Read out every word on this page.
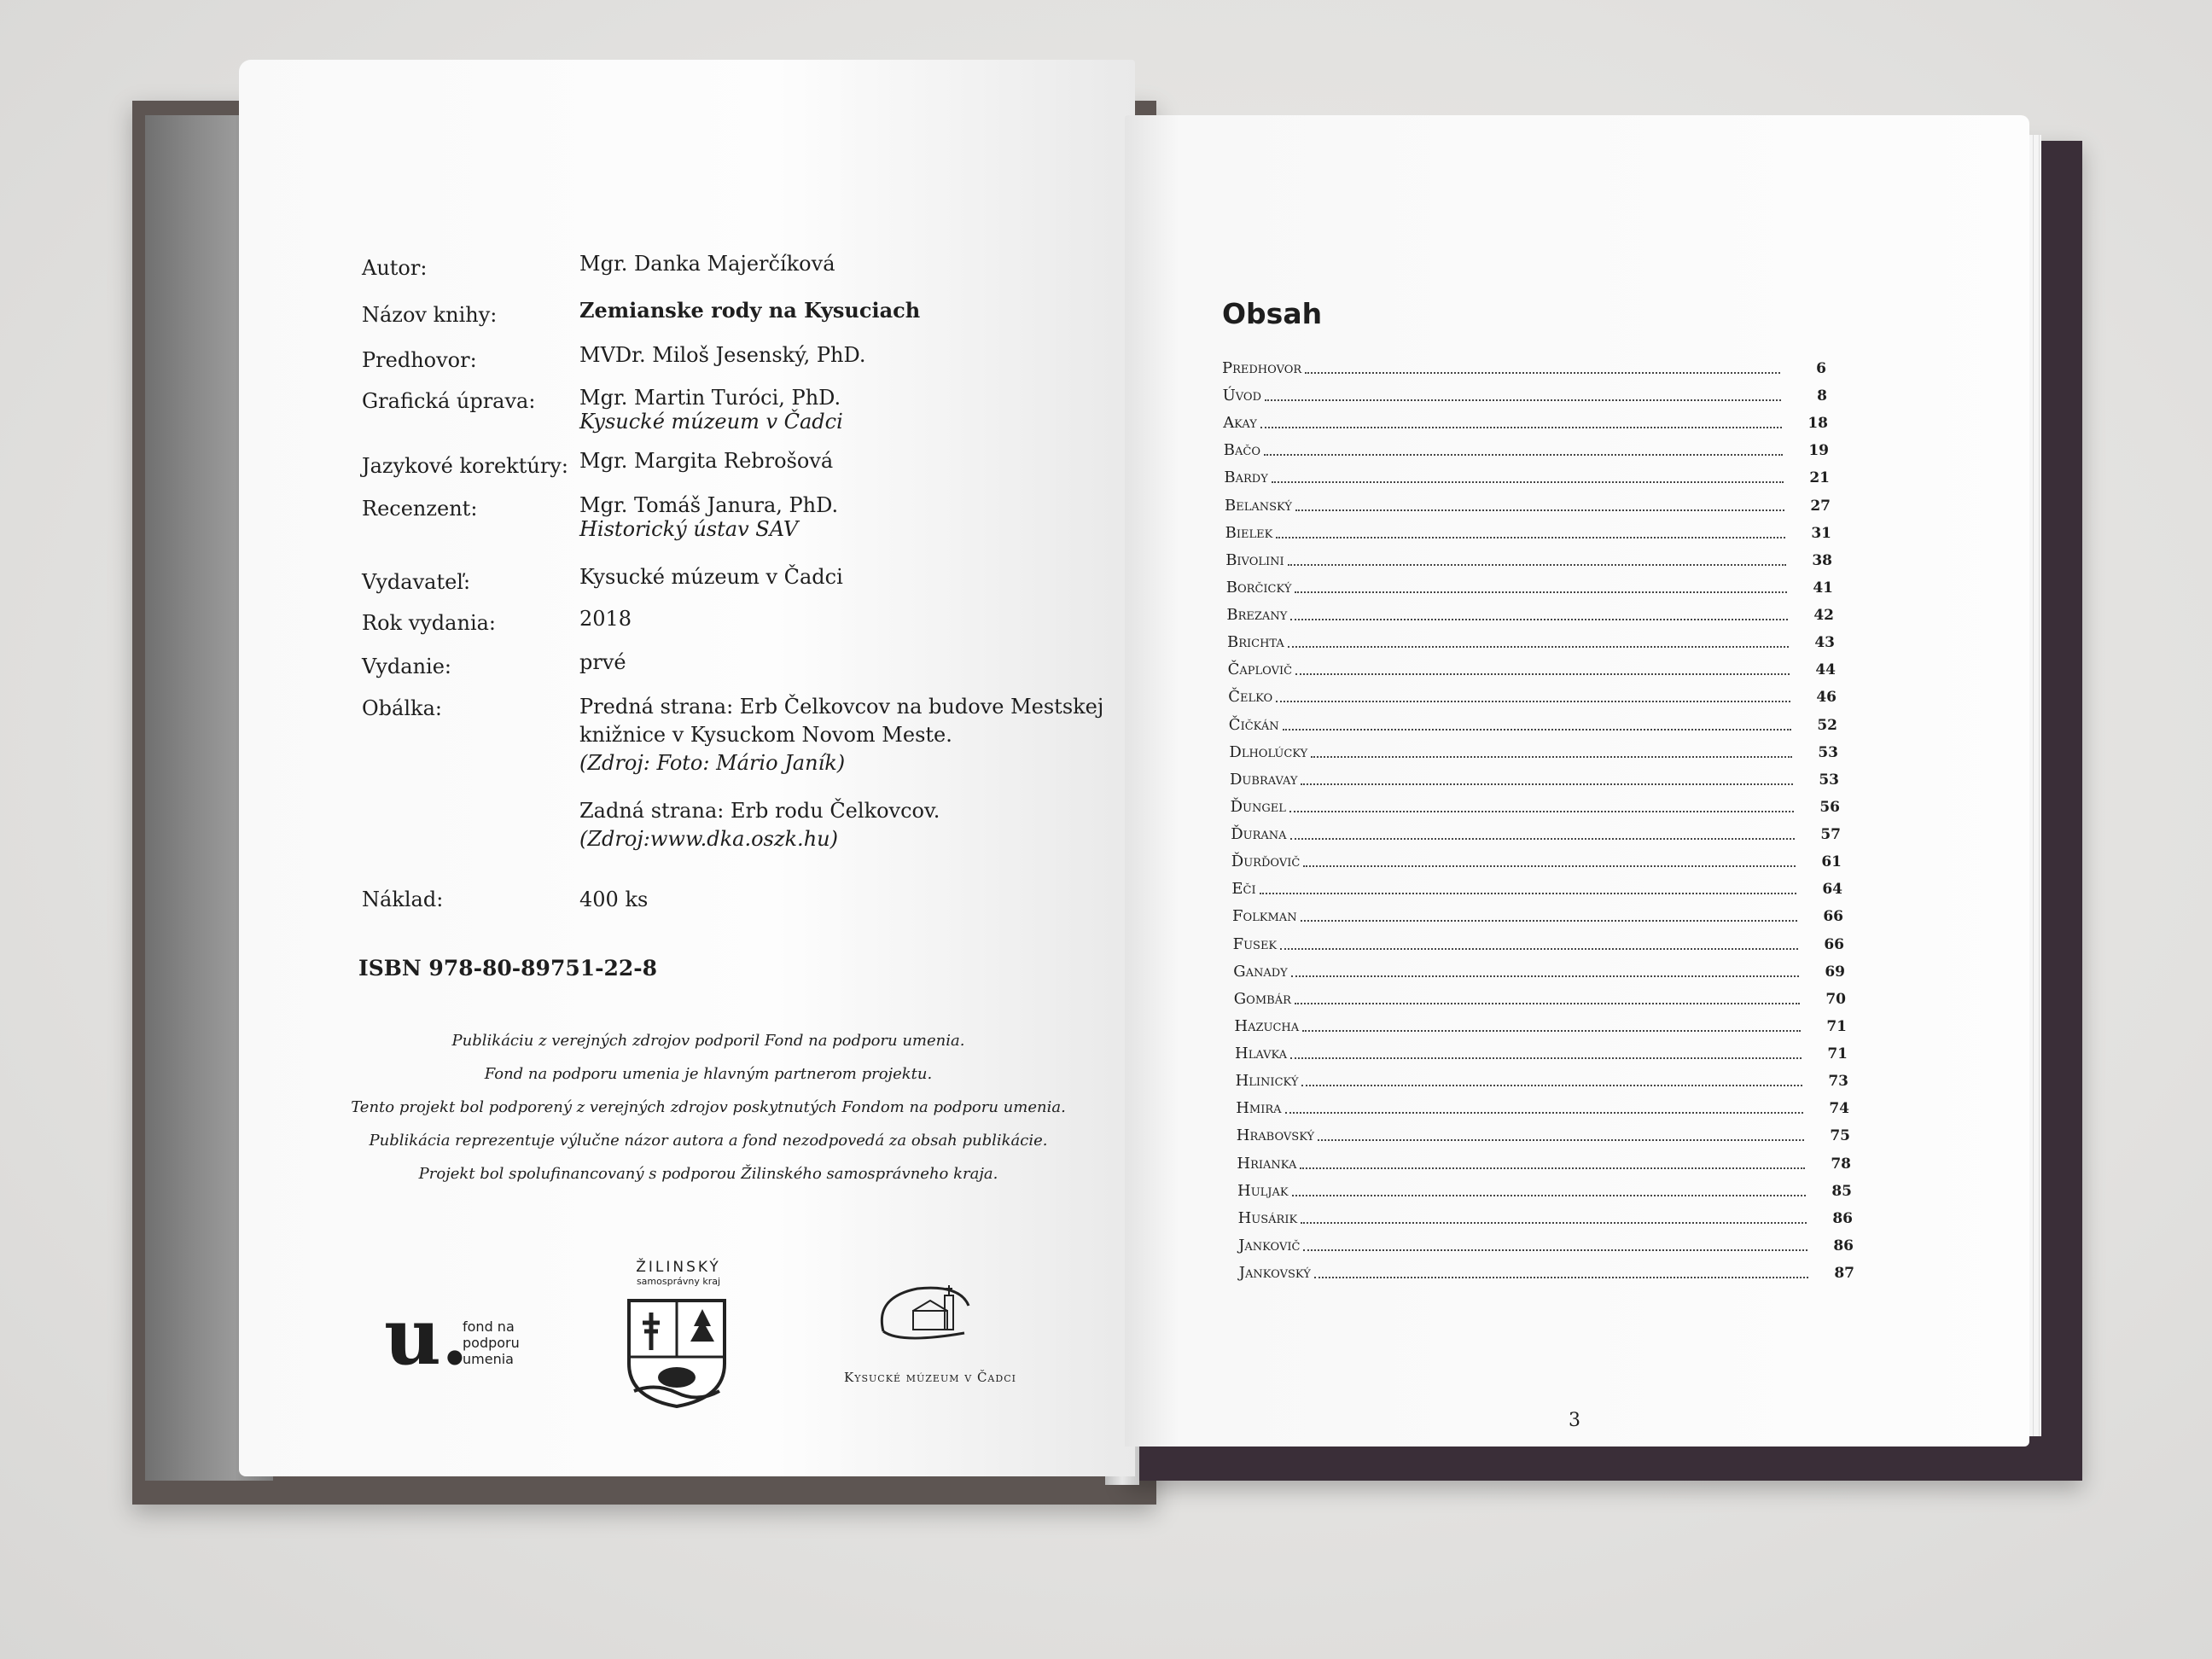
Autor:	Mgr. Danka Majerčíková
Názov knihy:	Zemianske rody na Kysuciach
Predhovor:	MVDr. Miloš Jesenský, PhD.
Grafická úprava: Mgr. Martin Turóci, PhD.
Kysucké múzeum v Čadci
Jazykové korektúry: Mgr. Margita Rebrošová
Recenzent:	Mgr. Tomáš Janura, PhD.
Historický ústav SAV
Vydavateľ:	Kysucké múzeum v Čadci
Rok vydania:	2018
Vydanie:	prvé
Obálka:	Predná strana: Erb Čelkovcov na budove Mestskej
knižnice v Kysuckom Novom Meste.
(Zdroj: Foto: Mário Janík)
Zadná strana: Erb rodu Čelkovcov.
(Zdroj:www.dka.oszk.hu)
Náklad:	400 ks
ISBN 978-80-89751-22-8
Publikáciu z verejných zdrojov podporil Fond na podporu umenia.
Fond na podporu umenia je hlavným partnerom projektu.
Tento projekt bol podporený z verejných zdrojov poskytnutých Fondom na podporu umenia.
Publikácia reprezentuje výlučne názor autora a fond nezodpovedá za obsah publikácie.
Projekt bol spolufinancovaný s podporou Žilinského samosprávneho kraja.
u.
fond na podporu umenia
ŽILINSKÝ
samosprávny kraj
Kysucké múzeum v Čadci
Obsah
Predhovor	6
Úvod	8
Akay	18
Bačo	19
Bardy	21
Belanský	27
Bielek	31
Bivolini	38
Borčický	41
Brezany	42
Brichta	43
Čaplovič	44
Čelko	46
Čičkán	52
Dlholúcky	53
Dubravay	53
Ďungel	56
Ďurana	57
Ďurďovič	61
Eči	64
Folkman	66
Fusek	66
Ganady	69
Gombár	70
Hazucha	71
Hlavka	71
Hlinický	73
Hmira	74
Hrabovský	75
Hrianka	78
Huljak	85
Husárik	86
Jankovič	86
Jankovský	87
3
